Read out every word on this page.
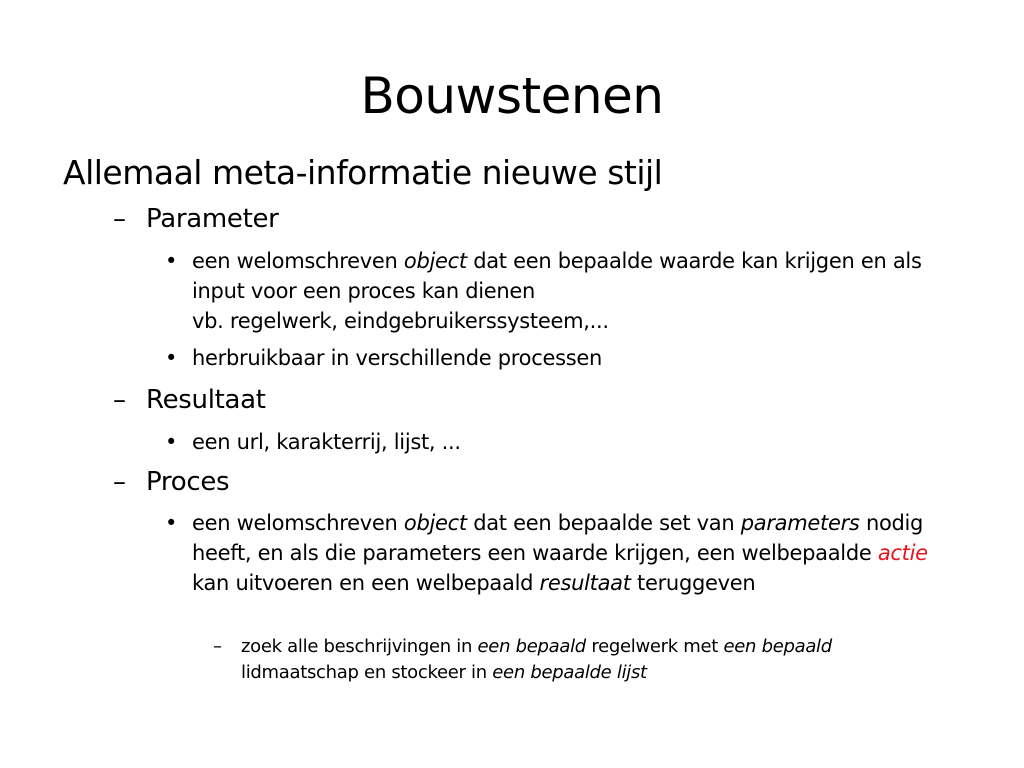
Bouwstenen
Allemaal meta-informatie nieuwe stijl
– Parameter
• een welomschreven object dat een bepaalde waarde kan krijgen en als input voor een proces kan dienen
vb. regelwerk, eindgebruikerssysteem,...
• herbruikbaar in verschillende processen
– Resultaat
• een url, karakterrij, lijst, ...
– Proces
• een welomschreven object dat een bepaalde set van parameters nodig heeft, en als die parameters een waarde krijgen, een welbepaalde actie kan uitvoeren en een welbepaald resultaat teruggeven
– zoek alle beschrijvingen in een bepaald regelwerk met een bepaald lidmaatschap en stockeer in een bepaalde lijst
